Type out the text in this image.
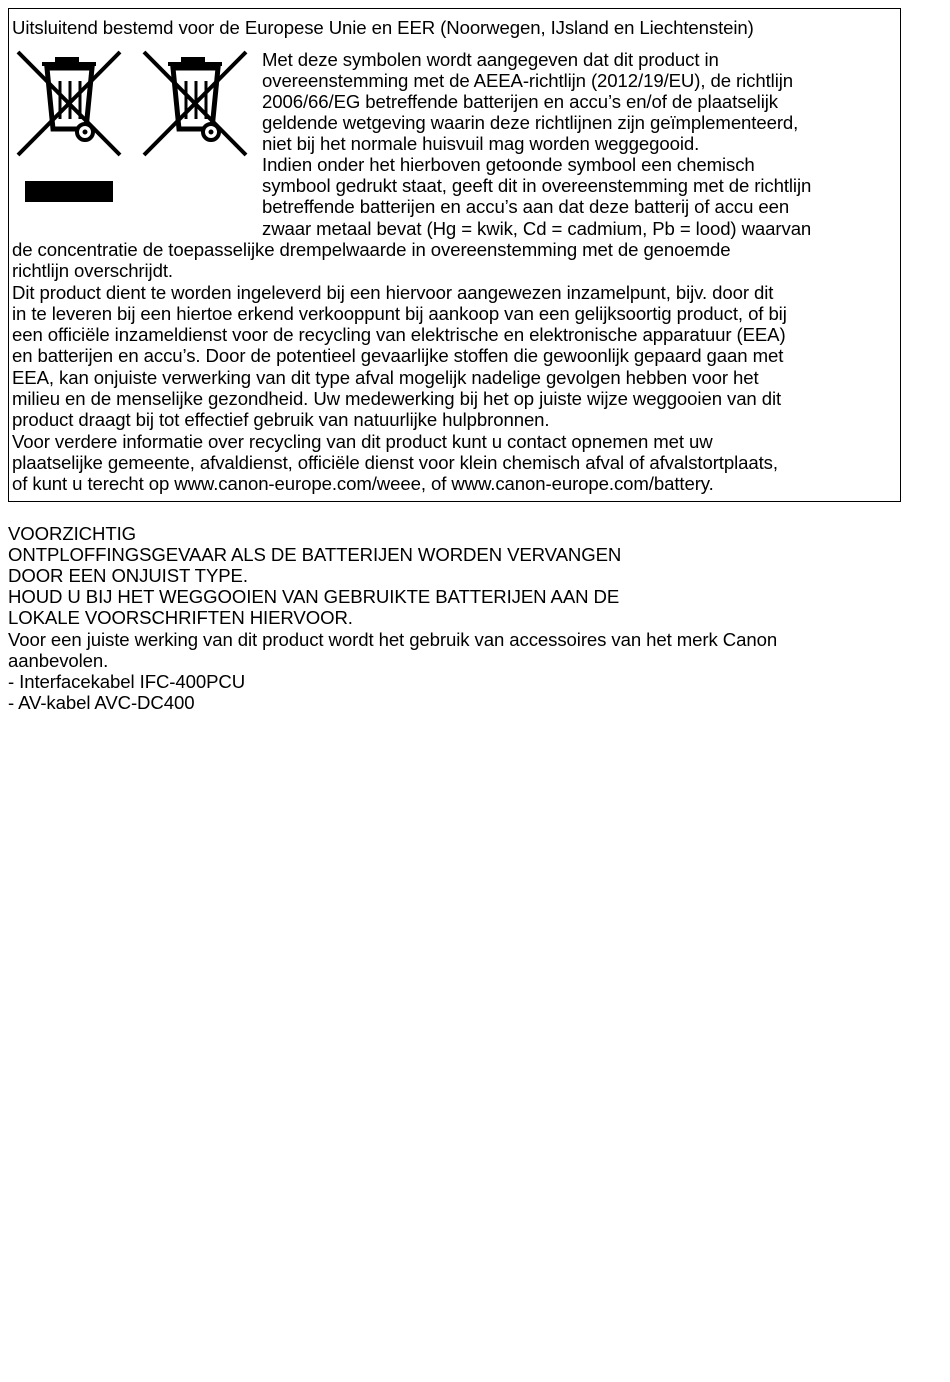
Uitsluitend bestemd voor de Europese Unie en EER (Noorwegen, IJsland en Liechtenstein)
Met deze symbolen wordt aangegeven dat dit product in
overeenstemming met de AEEA-richtlijn (2012/19/EU), de richtlijn
2006/66/EG betreffende batterijen en accu’s en/of de plaatselijk
geldende wetgeving waarin deze richtlijnen zijn geïmplementeerd,
niet bij het normale huisvuil mag worden weggegooid.
Indien onder het hierboven getoonde symbool een chemisch
symbool gedrukt staat, geeft dit in overeenstemming met de richtlijn
betreffende batterijen en accu’s aan dat deze batterij of accu een
zwaar metaal bevat (Hg = kwik, Cd = cadmium, Pb = lood) waarvan
de concentratie de toepasselijke drempelwaarde in overeenstemming met de genoemde
richtlijn overschrijdt.
Dit product dient te worden ingeleverd bij een hiervoor aangewezen inzamelpunt, bijv. door dit
in te leveren bij een hiertoe erkend verkooppunt bij aankoop van een gelijksoortig product, of bij
een officiële inzameldienst voor de recycling van elektrische en elektronische apparatuur (EEA)
en batterijen en accu’s. Door de potentieel gevaarlijke stoffen die gewoonlijk gepaard gaan met
EEA, kan onjuiste verwerking van dit type afval mogelijk nadelige gevolgen hebben voor het
milieu en de menselijke gezondheid. Uw medewerking bij het op juiste wijze weggooien van dit
product draagt bij tot effectief gebruik van natuurlijke hulpbronnen.
Voor verdere informatie over recycling van dit product kunt u contact opnemen met uw
plaatselijke gemeente, afvaldienst, officiële dienst voor klein chemisch afval of afvalstortplaats,
of kunt u terecht op www.canon-europe.com/weee, of www.canon-europe.com/battery.
VOORZICHTIG
ONTPLOFFINGSGEVAAR ALS DE BATTERIJEN WORDEN VERVANGEN
DOOR EEN ONJUIST TYPE.
HOUD U BIJ HET WEGGOOIEN VAN GEBRUIKTE BATTERIJEN AAN DE
LOKALE VOORSCHRIFTEN HIERVOOR.
Voor een juiste werking van dit product wordt het gebruik van accessoires van het merk Canon
aanbevolen.
- Interfacekabel IFC-400PCU
- AV-kabel AVC-DC400
